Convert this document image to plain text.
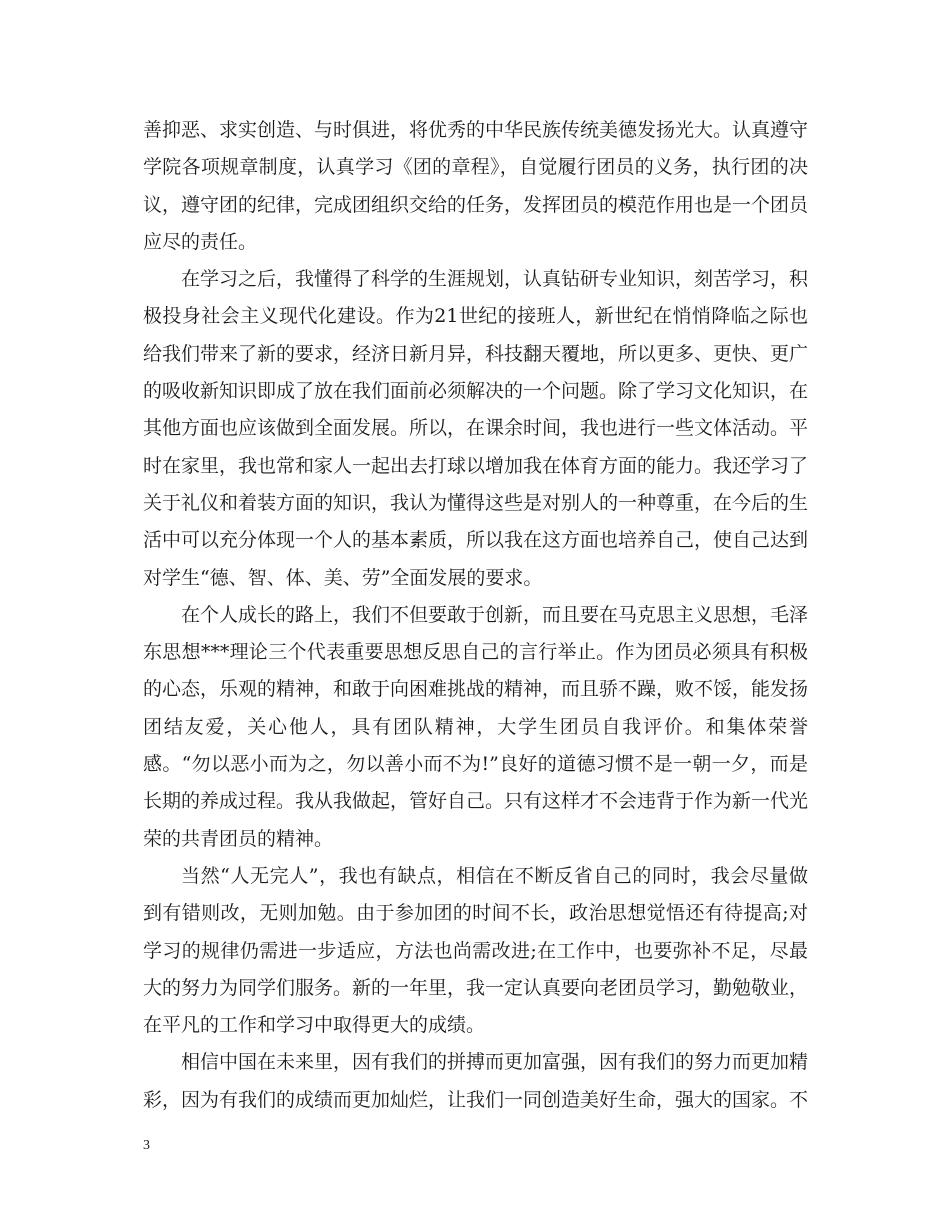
善抑恶、求实创造、与时俱进，将优秀的中华民族传统美德发扬光大。认真遵守学院各项规章制度，认真学习《团的章程》，自觉履行团员的义务，执行团的决议，遵守团的纪律，完成团组织交给的任务，发挥团员的模范作用也是一个团员应尽的责任。

在学习之后，我懂得了科学的生涯规划，认真钻研专业知识，刻苦学习，积极投身社会主义现代化建设。作为21世纪的接班人，新世纪在悄悄降临之际也给我们带来了新的要求，经济日新月异，科技翻天覆地，所以更多、更快、更广的吸收新知识即成了放在我们面前必须解决的一个问题。除了学习文化知识，在其他方面也应该做到全面发展。所以，在课余时间，我也进行一些文体活动。平时在家里，我也常和家人一起出去打球以增加我在体育方面的能力。我还学习了关于礼仪和着装方面的知识，我认为懂得这些是对别人的一种尊重，在今后的生活中可以充分体现一个人的基本素质，所以我在这方面也培养自己，使自己达到对学生“德、智、体、美、劳”全面发展的要求。

在个人成长的路上，我们不但要敢于创新，而且要在马克思主义思想，毛泽东思想***理论三个代表重要思想反思自己的言行举止。作为团员必须具有积极的心态，乐观的精神，和敢于向困难挑战的精神，而且骄不躁，败不馁，能发扬团结友爱，关心他人，具有团队精神，大学生团员自我评价。和集体荣誉感。“勿以恶小而为之，勿以善小而不为!”良好的道德习惯不是一朝一夕，而是长期的养成过程。我从我做起，管好自己。只有这样才不会违背于作为新一代光荣的共青团员的精神。

当然“人无完人”，我也有缺点，相信在不断反省自己的同时，我会尽量做到有错则改，无则加勉。由于参加团的时间不长，政治思想觉悟还有待提高;对学习的规律仍需进一步适应，方法也尚需改进;在工作中，也要弥补不足，尽最大的努力为同学们服务。新的一年里，我一定认真要向老团员学习，勤勉敬业，在平凡的工作和学习中取得更大的成绩。

相信中国在未来里，因有我们的拼搏而更加富强，因有我们的努力而更加精彩，因为有我们的成绩而更加灿烂，让我们一同创造美好生命，强大的国家。不

3
